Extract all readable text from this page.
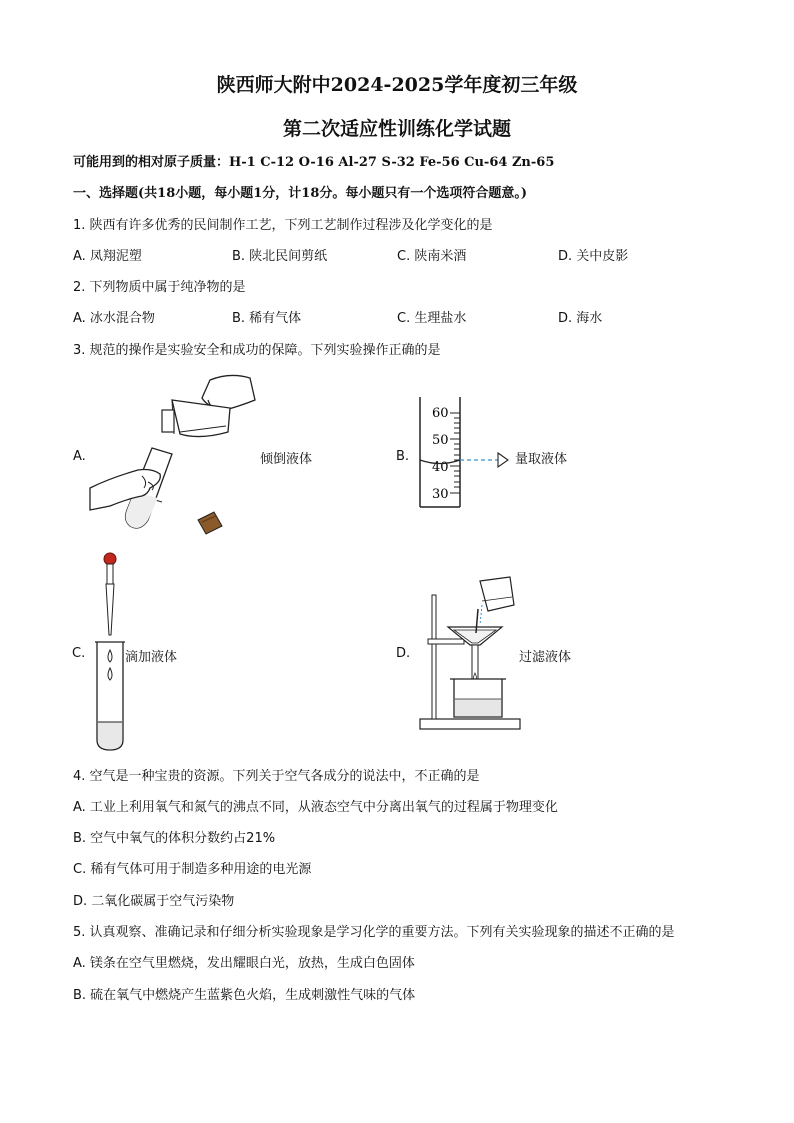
陕西师大附中2024-2025学年度初三年级
第二次适应性训练化学试题
可能用到的相对原子质量：H-1 C-12 O-16 Al-27 S-32 Fe-56 Cu-64 Zn-65
一、选择题(共18小题，每小题1分，计18分。每小题只有一个选项符合题意。)
1. 陕西有许多优秀的民间制作工艺，下列工艺制作过程涉及化学变化的是
A. 凤翔泥塑	B. 陕北民间剪纸	C. 陕南米酒	D. 关中皮影
2. 下列物质中属于纯净物的是
A. 冰水混合物	B. 稀有气体	C. 生理盐水	D. 海水
3. 规范的操作是实验安全和成功的保障。下列实验操作正确的是
A.	倾倒液体	B.	量取液体
60
50
40
30
C.	滴加液体	D.	过滤液体
4. 空气是一种宝贵的资源。下列关于空气各成分的说法中，不正确的是
A. 工业上利用氧气和氮气的沸点不同，从液态空气中分离出氧气的过程属于物理变化
B. 空气中氧气的体积分数约占21%
C. 稀有气体可用于制造多种用途的电光源
D. 二氧化碳属于空气污染物
5. 认真观察、准确记录和仔细分析实验现象是学习化学的重要方法。下列有关实验现象的描述不正确的是
A. 镁条在空气里燃烧，发出耀眼白光，放热，生成白色固体
B. 硫在氧气中燃烧产生蓝紫色火焰，生成刺激性气味的气体
